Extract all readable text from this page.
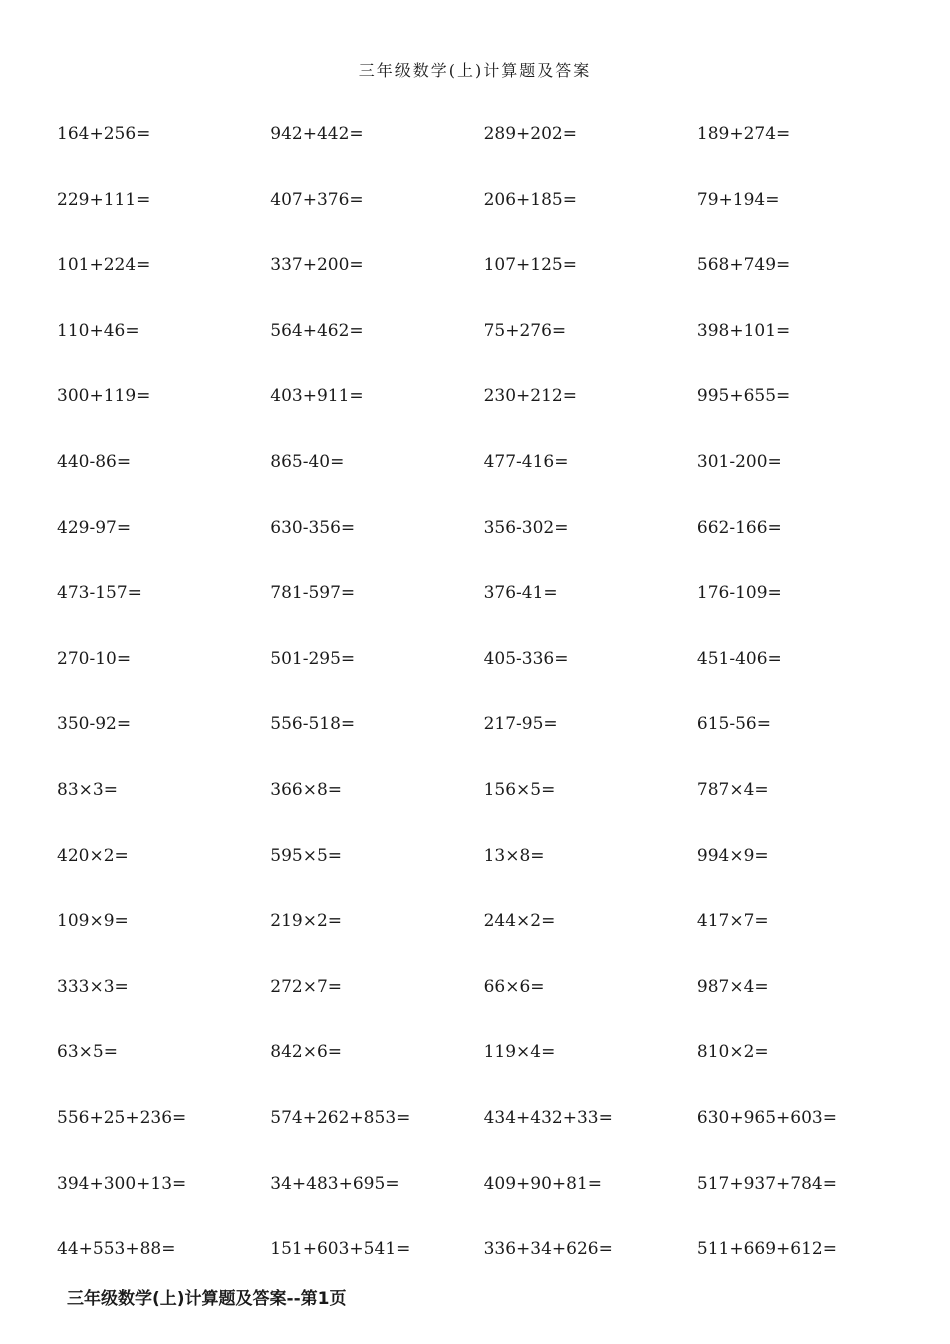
三年级数学(上)计算题及答案
164+256=	942+442=	289+202=	189+274=
229+111=	407+376=	206+185=	79+194=
101+224=	337+200=	107+125=	568+749=
110+46=	564+462=	75+276=	398+101=
300+119=	403+911=	230+212=	995+655=
440-86=	865-40=	477-416=	301-200=
429-97=	630-356=	356-302=	662-166=
473-157=	781-597=	376-41=	176-109=
270-10=	501-295=	405-336=	451-406=
350-92=	556-518=	217-95=	615-56=
83×3=	366×8=	156×5=	787×4=
420×2=	595×5=	13×8=	994×9=
109×9=	219×2=	244×2=	417×7=
333×3=	272×7=	66×6=	987×4=
63×5=	842×6=	119×4=	810×2=
556+25+236=	574+262+853=	434+432+33=	630+965+603=
394+300+13=	34+483+695=	409+90+81=	517+937+784=
44+553+88=	151+603+541=	336+34+626=	511+669+612=
三年级数学(上)计算题及答案--第1页
